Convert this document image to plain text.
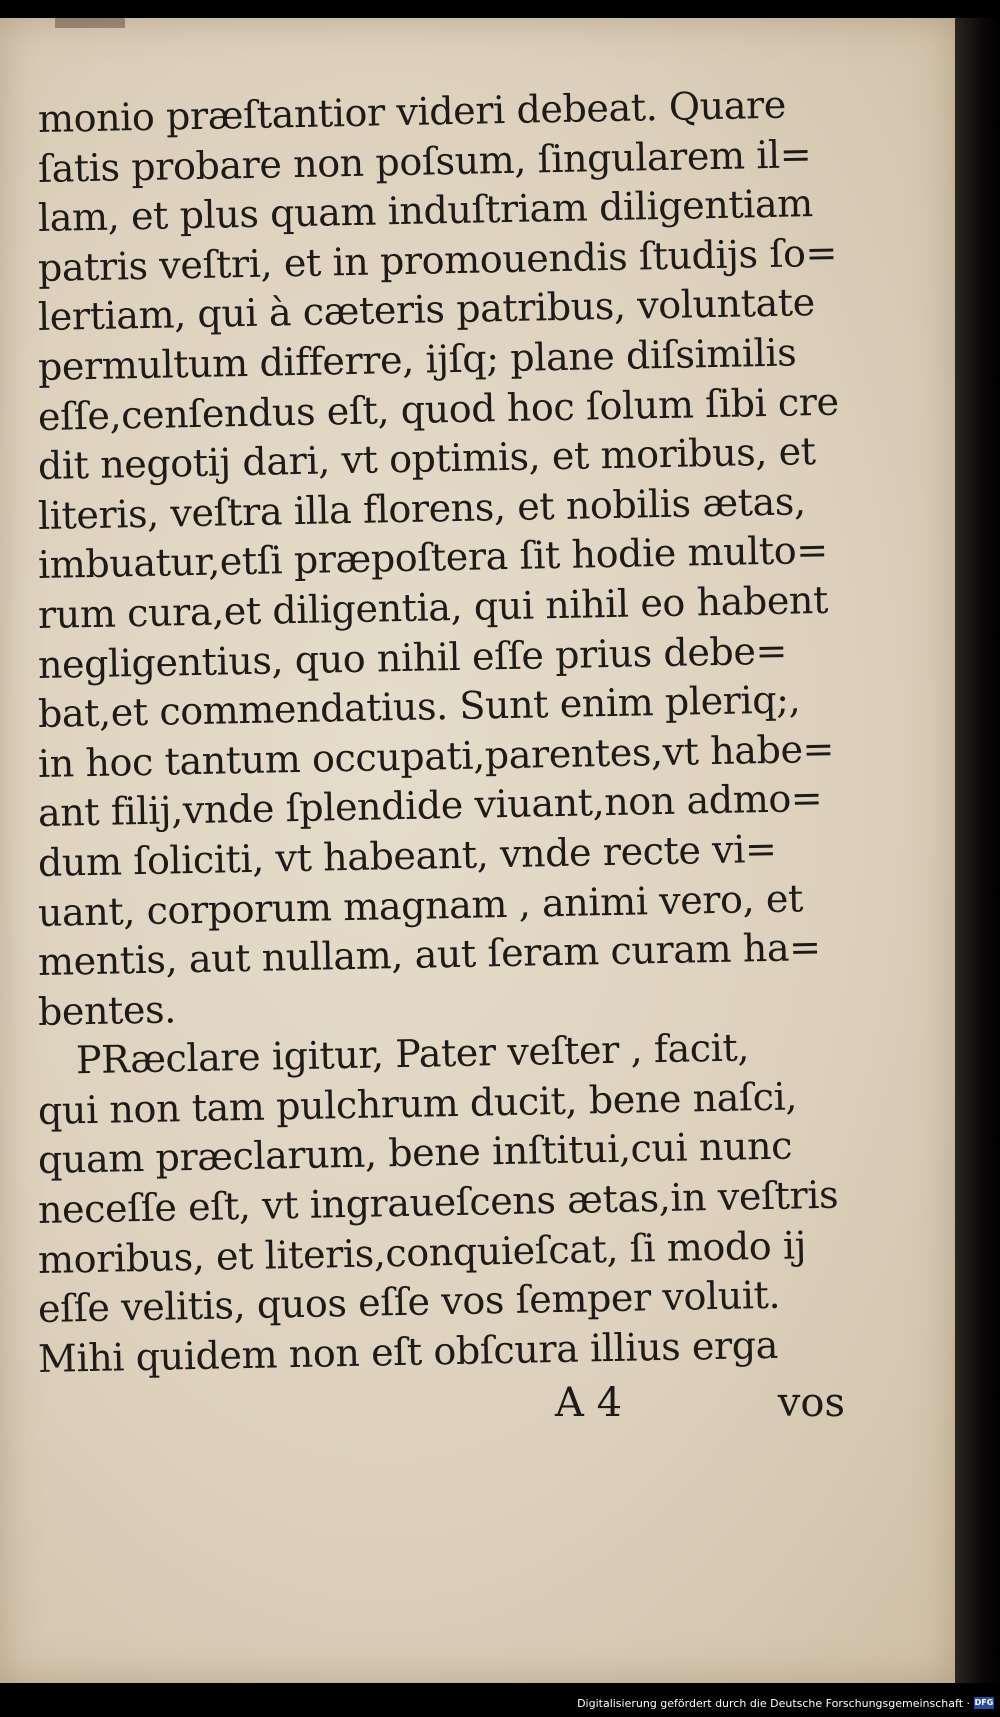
monio præſtantior videri debeat. Quare
ſatis probare non poſsum, ſingularem il=
lam, et plus quam induſtriam diligentiam
patris veſtri, et in promouendis ſtudijs ſo=
lertiam, qui à cæteris patribus, voluntate
permultum differre, ijſq; plane diſsimilis
eſſe,cenſendus eſt, quod hoc ſolum ſibi cre
dit negotij dari, vt optimis, et moribus, et
literis, veſtra illa florens, et nobilis ætas,
imbuatur,etſi præpoſtera ſit hodie multo=
rum cura,et diligentia, qui nihil eo habent
negligentius, quo nihil eſſe prius debe=
bat,et commendatius. Sunt enim pleriq;,
in hoc tantum occupati,parentes,vt habe=
ant filij,vnde ſplendide viuant,non admo=
dum ſoliciti, vt habeant, vnde recte vi=
uant, corporum magnam , animi vero, et
mentis, aut nullam, aut ſeram curam ha=
bentes.
PRæclare igitur, Pater veſter , facit,
qui non tam pulchrum ducit, bene naſci,
quam præclarum, bene inſtitui,cui nunc
neceſſe eſt, vt ingraueſcens ætas,in veſtris
moribus, et literis,conquieſcat, ſi modo ij
eſſe velitis, quos eſſe vos ſemper voluit.
Mihi quidem non eſt obſcura illius erga
A 4	vos
Digitalisierung gefördert durch die Deutsche Forschungsgemeinschaft · DFG
